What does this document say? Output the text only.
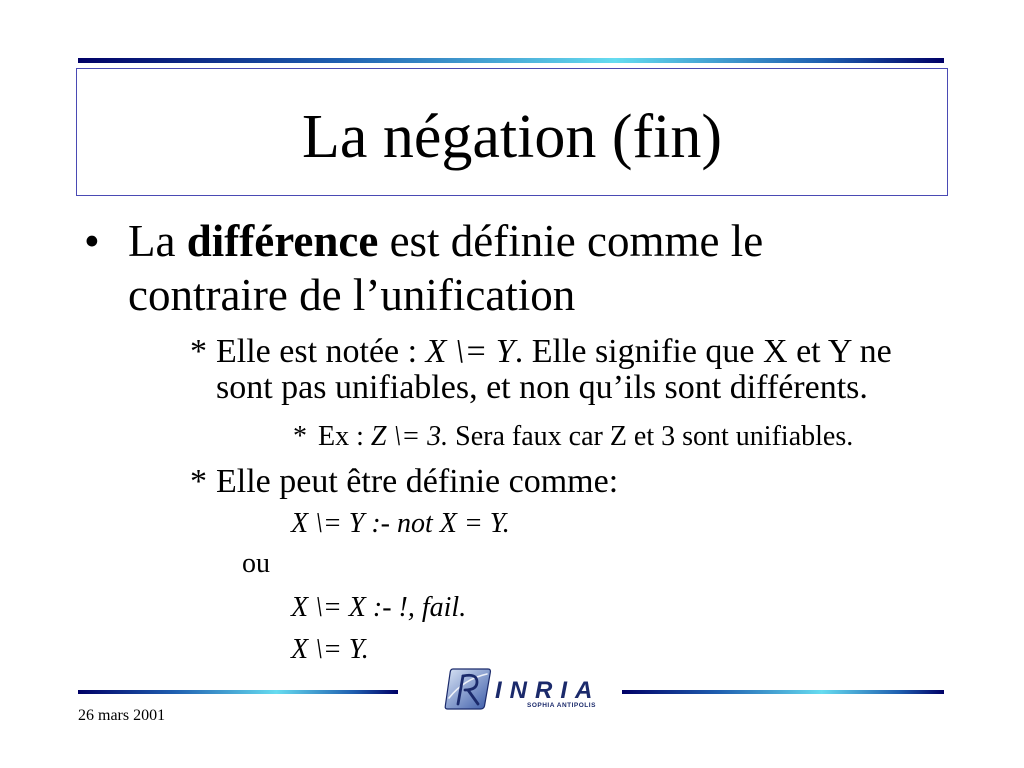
La négation (fin)
• La différence est définie comme le
contraire de l’unification
* Elle est notée : X \= Y. Elle signifie que X et Y ne
sont pas unifiables, et non qu’ils sont différents.
* Ex : Z \= 3. Sera faux car Z et 3 sont unifiables.
* Elle peut être définie comme:
X \= Y :- not X = Y.
ou
X \= X :- !, fail.
X \= Y.
INRIA
SOPHIA ANTIPOLIS
26 mars 2001
